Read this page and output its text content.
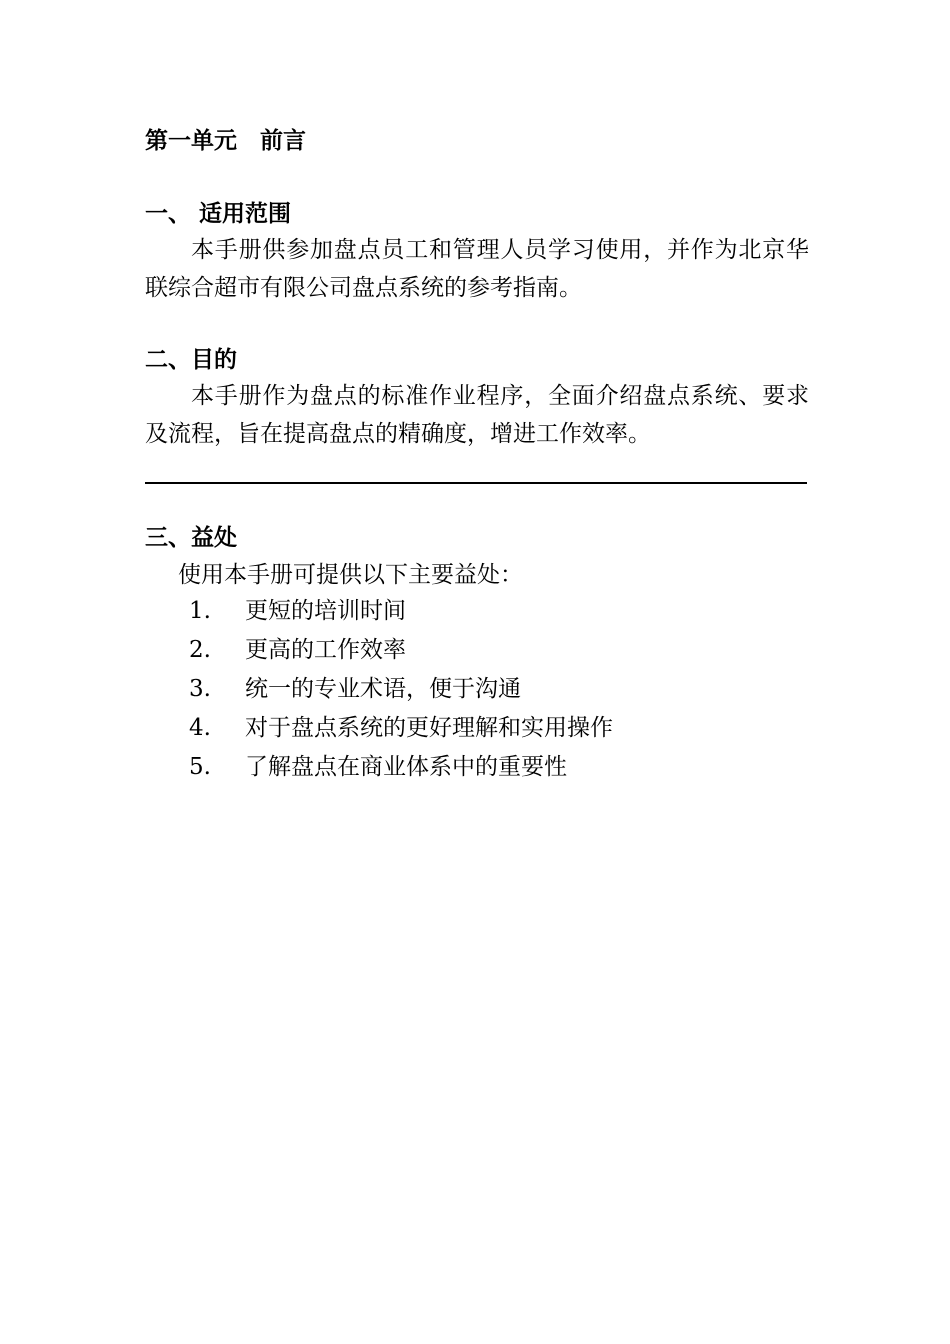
第一单元　前言
一、 适用范围

本手册供参加盘点员工和管理人员学习使用，并作为北京华联综合超市有限公司盘点系统的参考指南。

二、目的

本手册作为盘点的标准作业程序，全面介绍盘点系统、要求及流程，旨在提高盘点的精确度，增进工作效率。

三、益处

使用本手册可提供以下主要益处：

1.	更短的培训时间
2.	更高的工作效率
3.	统一的专业术语，便于沟通
4.	对于盘点系统的更好理解和实用操作
5.	了解盘点在商业体系中的重要性
